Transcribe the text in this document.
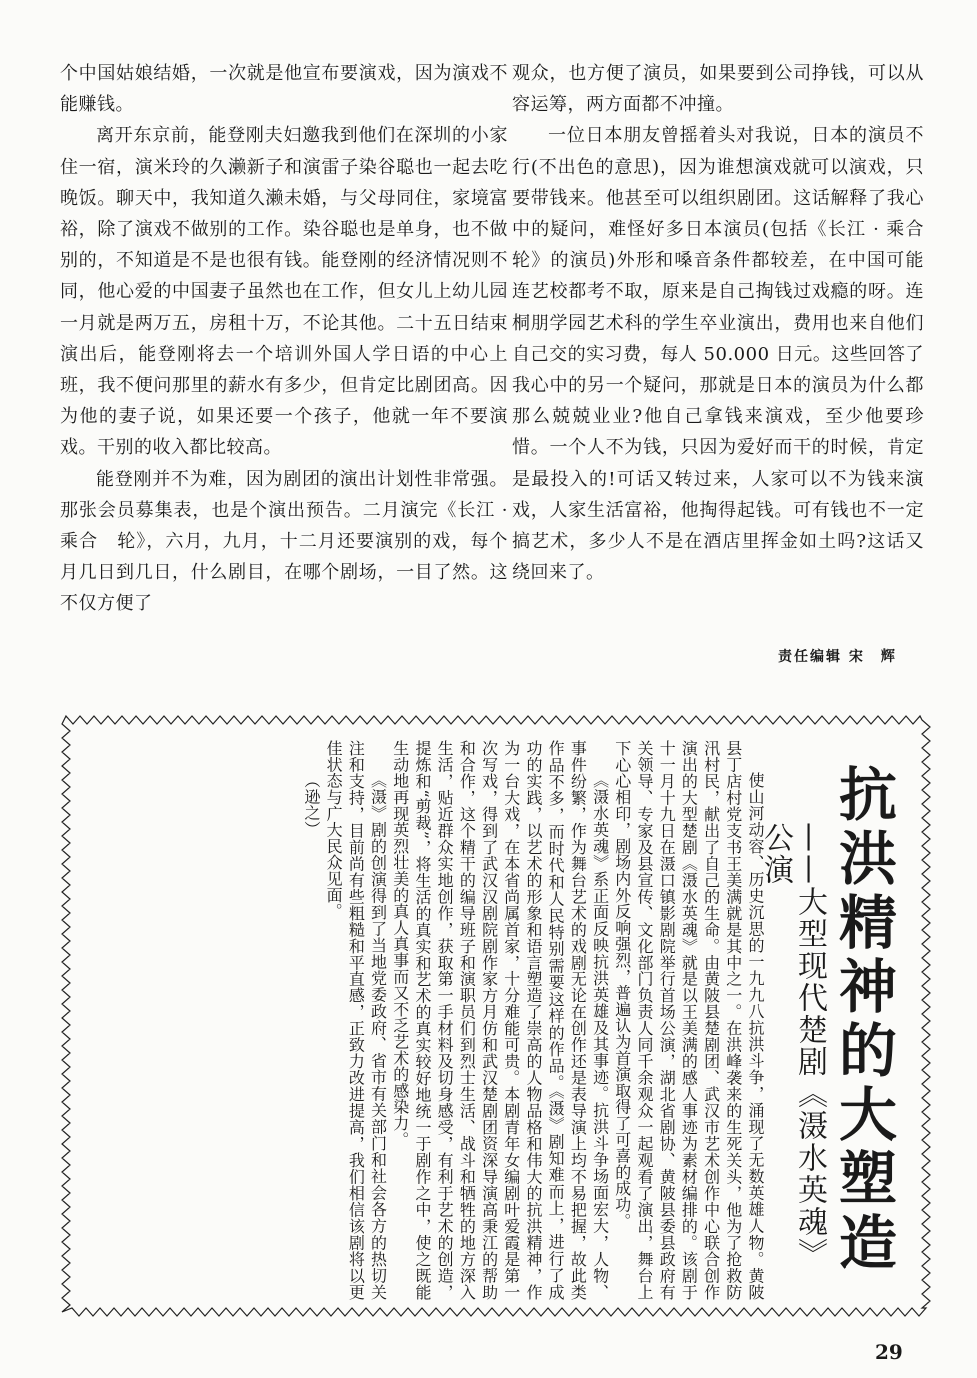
个中国姑娘结婚，一次就是他宣布要演戏，因为演戏不能赚钱。

离开东京前，能登刚夫妇邀我到他们在深圳的小家住一宿，演米玲的久濑新子和演雷子染谷聪也一起去吃晚饭。聊天中，我知道久濑未婚，与父母同住，家境富裕，除了演戏不做别的工作。染谷聪也是单身，也不做别的，不知道是不是也很有钱。能登刚的经济情况则不同，他心爱的中国妻子虽然也在工作，但女儿上幼儿园一月就是两万五，房租十万，不论其他。二十五日结束演出后，能登刚将去一个培训外国人学日语的中心上班，我不便问那里的薪水有多少，但肯定比剧团高。因为他的妻子说，如果还要一个孩子，他就一年不要演戏。干别的收入都比较高。

能登刚并不为难，因为剧团的演出计划性非常强。那张会员募集表，也是个演出预告。二月演完《长江 · 乘合　轮》，六月，九月，十二月还要演别的戏，每个月几日到几日，什么剧目，在哪个剧场，一目了然。这不仅方便了

观众，也方便了演员，如果要到公司挣钱，可以从容运筹，两方面都不冲撞。

一位日本朋友曾摇着头对我说，日本的演员不行(不出色的意思)，因为谁想演戏就可以演戏，只要带钱来。他甚至可以组织剧团。这话解释了我心中的疑问，难怪好多日本演员(包括《长江 · 乘合　轮》的演员)外形和嗓音条件都较差，在中国可能连艺校都考不取，原来是自己掏钱过戏瘾的呀。连桐朋学园艺术科的学生卒业演出，费用也来自他们自己交的实习费，每人 50.000 日元。这些回答了我心中的另一个疑问，那就是日本的演员为什么都那么兢兢业业?他自己拿钱来演戏，至少他要珍惜。一个人不为钱，只因为爱好而干的时候，肯定是最投入的!可话又转过来，人家可以不为钱来演戏，人家生活富裕，他掏得起钱。可有钱也不一定搞艺术，多少人不是在酒店里挥金如土吗?这话又绕回来了。

责任编辑 宋　辉
抗洪精神的大塑造
——大型现代楚剧《滠水英魂》公演

使山河动容、历史沉思的一九九八抗洪斗争，涌现了无数英雄人物。黄陂县丁店村党支书王美满就是其中之一。在洪峰袭来的生死关头，他为了抢救防汛村民，献出了自己的生命。由黄陂县楚剧团、武汉市艺术创作中心联合创作演出的大型楚剧《滠水英魂》就是以王美满的感人事迹为素材编排的。该剧于十一月十九日在滠口镇影剧院举行首场公演，湖北省剧协、黄陂县委县政府有关领导、专家及县宣传、文化部门负责人同千余观众一起观看了演出，舞台上下心心相印，剧场内外反响强烈，普遍认为首演取得了可喜的成功。

《滠水英魂》系正面反映抗洪英雄及其事迹。抗洪斗争场面宏大，人物、事件纷繁，作为舞台艺术的戏剧无论在创作还是表导演上均不易把握，故此类作品不多，而时代和人民特别需要这样的作品。《滠》剧知难而上，进行了成功的实践，以艺术的形象和语言塑造了崇高的人物品格和伟大的抗洪精神，作为一台大戏，在本省尚属首家，十分难能可贵。本剧青年女编剧叶爱霞是第一次写戏，得到了武汉汉剧院剧作家方月仿和武汉楚剧团资深导演高秉江的帮助和合作，这个精干的编导班子和演职员们到烈士生活、战斗和牺牲的地方深入生活，贴近群众实地创作，获取第一手材料及切身感受，有利于艺术的创造，提炼和“剪裁”，将生活的真实和艺术的真实较好地统一于剧作之中，使之既能生动地再现英烈壮美的真人真事而又不乏艺术的感染力。

《滠》剧的创演得到了当地党委政府、省市有关部门和社会各方的热切关注和支持，目前尚有些粗糙和平直感，正致力改进提高，我们相信该剧将以更佳状态与广大民众见面。

（逊之）

29
